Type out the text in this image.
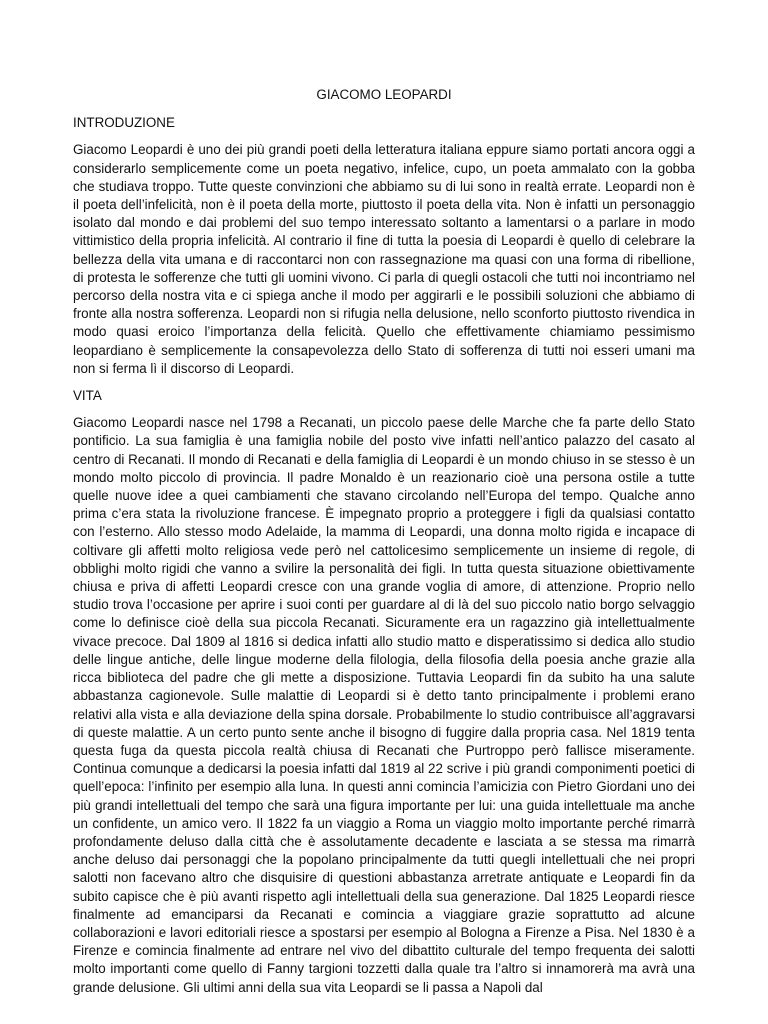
GIACOMO LEOPARDI
INTRODUZIONE

Giacomo Leopardi è uno dei più grandi poeti della letteratura italiana eppure siamo portati ancora oggi a considerarlo semplicemente come un poeta negativo, infelice, cupo, un poeta ammalato con la gobba che studiava troppo. Tutte queste convinzioni che abbiamo su di lui sono in realtà errate. Leopardi non è il poeta dell’infelicità, non è il poeta della morte, piuttosto il poeta della vita. Non è infatti un personaggio isolato dal mondo e dai problemi del suo tempo interessato soltanto a lamentarsi o a parlare in modo vittimistico della propria infelicità. Al contrario il fine di tutta la poesia di Leopardi è quello di celebrare la bellezza della vita umana e di raccontarci non con rassegnazione ma quasi con una forma di ribellione, di protesta le sofferenze che tutti gli uomini vivono. Ci parla di quegli ostacoli che tutti noi incontriamo nel percorso della nostra vita e ci spiega anche il modo per aggirarli e le possibili soluzioni che abbiamo di fronte alla nostra sofferenza. Leopardi non si rifugia nella delusione, nello sconforto piuttosto rivendica in modo quasi eroico l’importanza della felicità. Quello che effettivamente chiamiamo pessimismo leopardiano è semplicemente la consapevolezza dello Stato di sofferenza di tutti noi esseri umani ma non si ferma lì il discorso di Leopardi.

VITA

Giacomo Leopardi nasce nel 1798 a Recanati, un piccolo paese delle Marche che fa parte dello Stato pontificio. La sua famiglia è una famiglia nobile del posto vive infatti nell’antico palazzo del casato al centro di Recanati. Il mondo di Recanati e della famiglia di Leopardi è un mondo chiuso in se stesso è un mondo molto piccolo di provincia. Il padre Monaldo è un reazionario cioè una persona ostile a tutte quelle nuove idee a quei cambiamenti che stavano circolando nell’Europa del tempo. Qualche anno prima c’era stata la rivoluzione francese. È impegnato proprio a proteggere i figli da qualsiasi contatto con l’esterno. Allo stesso modo Adelaide, la mamma di Leopardi, una donna molto rigida e incapace di coltivare gli affetti molto religiosa vede però nel cattolicesimo semplicemente un insieme di regole, di obblighi molto rigidi che vanno a svilire la personalità dei figli. In tutta questa situazione obiettivamente chiusa e priva di affetti Leopardi cresce con una grande voglia di amore, di attenzione. Proprio nello studio trova l’occasione per aprire i suoi conti per guardare al di là del suo piccolo natio borgo selvaggio come lo definisce cioè della sua piccola Recanati. Sicuramente era un ragazzino già intellettualmente vivace precoce. Dal 1809 al 1816 si dedica infatti allo studio matto e disperatissimo si dedica allo studio delle lingue antiche, delle lingue moderne della filologia, della filosofia della poesia anche grazie alla ricca biblioteca del padre che gli mette a disposizione. Tuttavia Leopardi fin da subito ha una salute abbastanza cagionevole. Sulle malattie di Leopardi si è detto tanto principalmente i problemi erano relativi alla vista e alla deviazione della spina dorsale. Probabilmente lo studio contribuisce all’aggravarsi di queste malattie. A un certo punto sente anche il bisogno di fuggire dalla propria casa. Nel 1819 tenta questa fuga da questa piccola realtà chiusa di Recanati che Purtroppo però fallisce miseramente. Continua comunque a dedicarsi la poesia infatti dal 1819 al 22 scrive i più grandi componimenti poetici di quell’epoca: l’infinito per esempio alla luna. In questi anni comincia l’amicizia con Pietro Giordani uno dei più grandi intellettuali del tempo che sarà una figura importante per lui: una guida intellettuale ma anche un confidente, un amico vero. Il 1822 fa un viaggio a Roma un viaggio molto importante perché rimarrà profondamente deluso dalla città che è assolutamente decadente e lasciata a se stessa ma rimarrà anche deluso dai personaggi che la popolano principalmente da tutti quegli intellettuali che nei propri salotti non facevano altro che disquisire di questioni abbastanza arretrate antiquate e Leopardi fin da subito capisce che è più avanti rispetto agli intellettuali della sua generazione. Dal 1825 Leopardi riesce finalmente ad emanciparsi da Recanati e comincia a viaggiare grazie soprattutto ad alcune collaborazioni e lavori editoriali riesce a spostarsi per esempio al Bologna a Firenze a Pisa. Nel 1830 è a Firenze e comincia finalmente ad entrare nel vivo del dibattito culturale del tempo frequenta dei salotti molto importanti come quello di Fanny targioni tozzetti dalla quale tra l’altro si innamorerà ma avrà una grande delusione. Gli ultimi anni della sua vita Leopardi se li passa a Napoli dal
